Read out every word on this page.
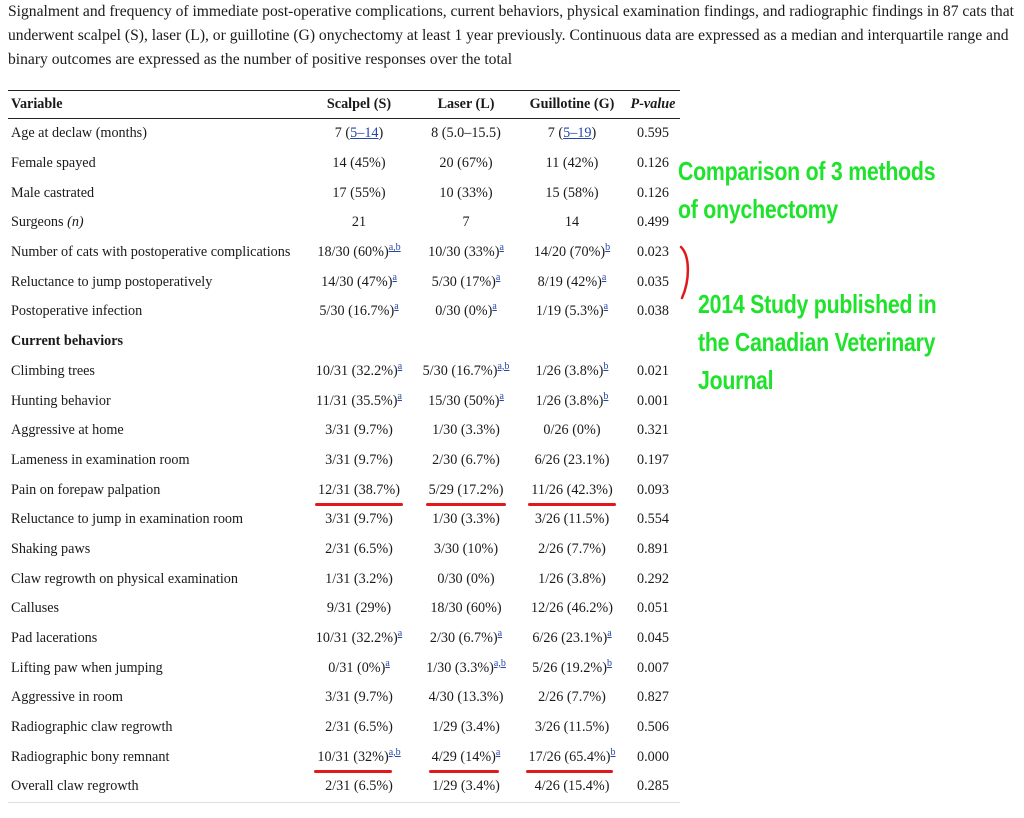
Signalment and frequency of immediate post-operative complications, current behaviors, physical examination findings, and radiographic findings in 87 cats that underwent scalpel (S), laser (L), or guillotine (G) onychectomy at least 1 year previously. Continuous data are expressed as a median and interquartile range and binary outcomes are expressed as the number of positive responses over the total
Variable	Scalpel (S)	Laser (L)	Guillotine (G)	P-value
Age at declaw (months)	7 (5–14)	8 (5.0–15.5)	7 (5–19)	0.595
Female spayed	14 (45%)	20 (67%)	11 (42%)	0.126
Male castrated	17 (55%)	10 (33%)	15 (58%)	0.126
Surgeons (n)	21	7	14	0.499
Number of cats with postoperative complications	18/30 $(60\%)^{a,b}$	10/30 $(33\%)^a$	14/20 $(70\%)^b$	0.023
Reluctance to jump postoperatively	14/30 $(47\%)^a$	5/30 $(17\%)^a$	8/19 $(42\%)^a$	0.035
Postoperative infection	5/30 $(16.7\%)^a$	0/30 $(0\%)^a$	1/19 $(5.3\%)^a$	0.038
Current behaviors				
Climbing trees	10/31 $(32.2\%)^a$	5/30 $(16.7\%)^{a,b}$	1/26 $(3.8\%)^b$	0.021
Hunting behavior	11/31 $(35.5\%)^a$	15/30 $(50\%)^a$	1/26 $(3.8\%)^b$	0.001
Aggressive at home	3/31 (9.7%)	1/30 (3.3%)	0/26 (0%)	0.321
Lameness in examination room	3/31 (9.7%)	2/30 (6.7%)	6/26 (23.1%)	0.197
Pain on forepaw palpation	12/31 (38.7%)	5/29 (17.2%)	11/26 (42.3%)	0.093
Reluctance to jump in examination room	3/31 (9.7%)	1/30 (3.3%)	3/26 (11.5%)	0.554
Shaking paws	2/31 (6.5%)	3/30 (10%)	2/26 (7.7%)	0.891
Claw regrowth on physical examination	1/31 (3.2%)	0/30 (0%)	1/26 (3.8%)	0.292
Calluses	9/31 (29%)	18/30 (60%)	12/26 (46.2%)	0.051
Pad lacerations	10/31 $(32.2\%)^a$	2/30 $(6.7\%)^a$	6/26 $(23.1\%)^a$	0.045
Lifting paw when jumping	0/31 $(0\%)^a$	1/30 $(3.3\%)^{a,b}$	5/26 $(19.2\%)^b$	0.007
Aggressive in room	3/31 (9.7%)	4/30 (13.3%)	2/26 (7.7%)	0.827
Radiographic claw regrowth	2/31 (6.5%)	1/29 (3.4%)	3/26 (11.5%)	0.506
Radiographic bony remnant	10/31 $(32\%)^{a,b}$	4/29 $(14\%)^a$	17/26 $(65.4\%)^b$	0.000
Overall claw regrowth	2/31 (6.5%)	1/29 (3.4%)	4/26 (15.4%)	0.285
Comparison of 3 methods
of onychectomy
2014 Study published in
the Canadian Veterinary
Journal
